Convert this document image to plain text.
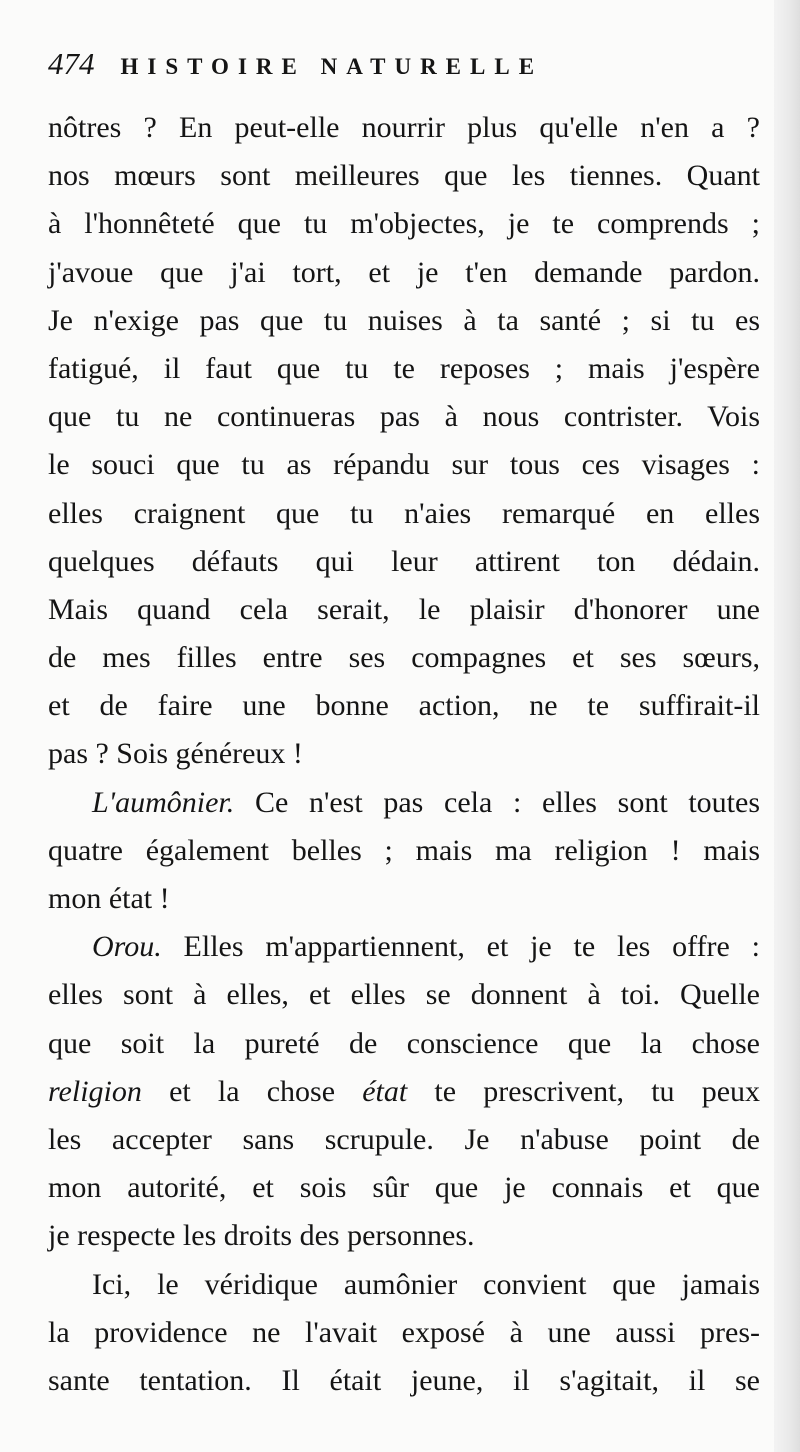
474 HISTOIRE NATURELLE
nôtres ? En peut-elle nourrir plus qu'elle n'en a ?
nos mœurs sont meilleures que les tiennes. Quant
à l'honnêteté que tu m'objectes, je te comprends ;
j'avoue que j'ai tort, et je t'en demande pardon.
Je n'exige pas que tu nuises à ta santé ; si tu es
fatigué, il faut que tu te reposes ; mais j'espère
que tu ne continueras pas à nous contrister. Vois
le souci que tu as répandu sur tous ces visages :
elles craignent que tu n'aies remarqué en elles
quelques défauts qui leur attirent ton dédain.
Mais quand cela serait, le plaisir d'honorer une
de mes filles entre ses compagnes et ses sœurs,
et de faire une bonne action, ne te suffirait-il
pas ? Sois généreux !
L'aumônier. Ce n'est pas cela : elles sont toutes
quatre également belles ; mais ma religion ! mais
mon état !
Orou. Elles m'appartiennent, et je te les offre :
elles sont à elles, et elles se donnent à toi. Quelle
que soit la pureté de conscience que la chose
religion et la chose état te prescrivent, tu peux
les accepter sans scrupule. Je n'abuse point de
mon autorité, et sois sûr que je connais et que
je respecte les droits des personnes.
Ici, le véridique aumônier convient que jamais
la providence ne l'avait exposé à une aussi pres-
sante tentation. Il était jeune, il s'agitait, il se
